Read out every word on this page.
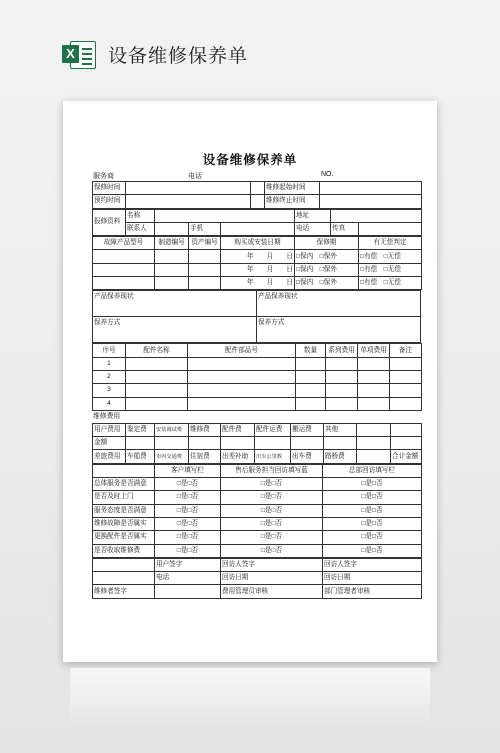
X 设备维修保养单
设备维修保养单
服务商	电话	NO.
保修时间			维修起始时间	
预约时间			维修终止时间	
报修资料	名称				地址		
	联系人		手机		电话	传真	
故障产品型号	制造编号	资产编号	购买或安装日期	保修期	有无偿判定
			年　　月　　日	□保内　 □保外	□有偿　 □无偿
			年　　月　　日	□保内　 □保外	□有偿　 □无偿
			年　　月　　日	□保内　 □保外	□有偿　 □无偿
产品保养现状	产品保养现状
保养方式	保养方式
序号	配件名称	配件部品号	数量	系列费用	单项费用	备注
1						
2						
3						
4						
维修费用
用户费用	鉴定费	安装调试费	维修费	配件费	配件运费	搬运费	其他		
金额									
差旅费用	车船费	市内交通费	住宿费	出差补助	出车公里数	出车费	路桥费		合计金额
	客户填写栏	售后服务担当回访填写蓝	总部回访填写栏
总体服务是否满意	□是□否	□是□否	□是□否
是否及时上门	□是□否	□是□否	□是□否
服务态度是否满意	□是□否	□是□否	□是□否
维修故障是否属实	□是□否	□是□否	□是□否
更换配件是否属实	□是□否	□是□否	□是□否
是否收取维修费	□是□否	□是□否	□是□否
	用户签字	回访人签字	回访人签字
	电话	回访日期	回访日期
维修者签字		费用管理员审核	部门管理者审核
